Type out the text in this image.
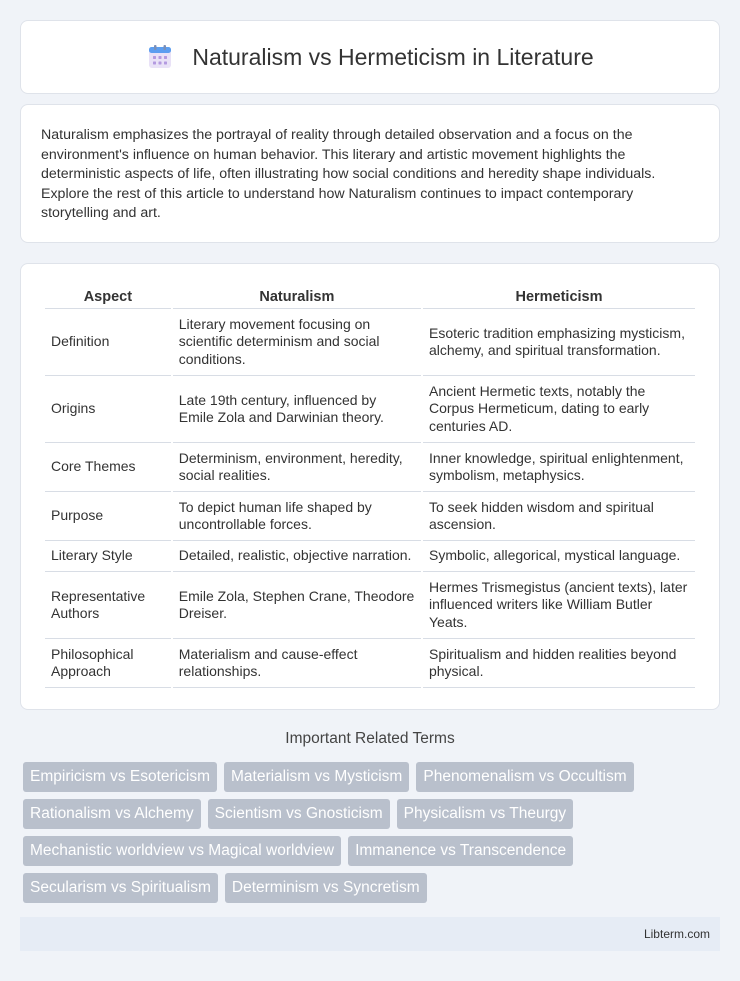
Naturalism vs Hermeticism in Literature

Naturalism emphasizes the portrayal of reality through detailed observation and a focus on the environment's influence on human behavior. This literary and artistic movement highlights the deterministic aspects of life, often illustrating how social conditions and heredity shape individuals. Explore the rest of this article to understand how Naturalism continues to impact contemporary storytelling and art.

Aspect	Naturalism	Hermeticism
Definition	Literary movement focusing on scientific determinism and social conditions.	Esoteric tradition emphasizing mysticism, alchemy, and spiritual transformation.
Origins	Late 19th century, influenced by Emile Zola and Darwinian theory.	Ancient Hermetic texts, notably the Corpus Hermeticum, dating to early centuries AD.
Core Themes	Determinism, environment, heredity, social realities.	Inner knowledge, spiritual enlightenment, symbolism, metaphysics.
Purpose	To depict human life shaped by uncontrollable forces.	To seek hidden wisdom and spiritual ascension.
Literary Style	Detailed, realistic, objective narration.	Symbolic, allegorical, mystical language.
Representative Authors	Emile Zola, Stephen Crane, Theodore Dreiser.	Hermes Trismegistus (ancient texts), later influenced writers like William Butler Yeats.
Philosophical Approach	Materialism and cause-effect relationships.	Spiritualism and hidden realities beyond physical.
Important Related Terms
Empiricism vs Esotericism	Materialism vs Mysticism	Phenomenalism vs Occultism
Rationalism vs Alchemy	Scientism vs Gnosticism	Physicalism vs Theurgy
Mechanistic worldview vs Magical worldview	Immanence vs Transcendence
Secularism vs Spiritualism	Determinism vs Syncretism
Libterm.com
